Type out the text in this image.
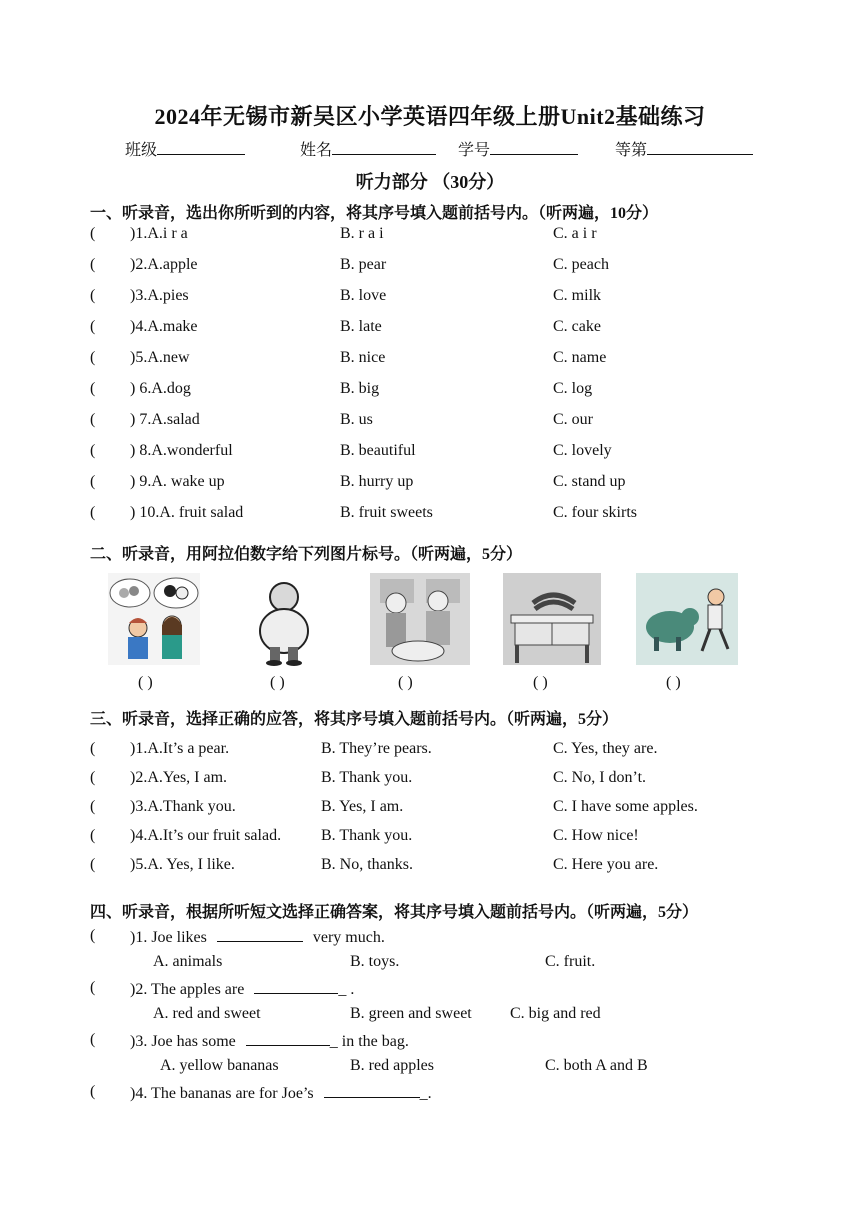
2024年无锡市新吴区小学英语四年级上册Unit2基础练习
班级	姓名	学号	等第
听力部分 （30分）
一、听录音，选出你所听到的内容，将其序号填入题前括号内。（听两遍，10分）
( )1.A.i r a	B. r a i	C. a i r
( )2.A.apple	B. pear	C. peach
( )3.A.pies	B. love	C. milk
( )4.A.make	B. late	C. cake
( )5.A.new	B. nice	C. name
( ) 6.A.dog	B. big	C. log
( ) 7.A.salad	B. us	C. our
( ) 8.A.wonderful	B. beautiful	C. lovely
( ) 9.A. wake up	B. hurry up	C. stand up
( ) 10.A. fruit salad	B. fruit sweets	C. four skirts
二、听录音，用阿拉伯数字给下列图片标号。（听两遍，5分）
( )	( )	( )	( )	( )
三、听录音，选择正确的应答，将其序号填入题前括号内。（听两遍，5分）
( )1.A.It’s a pear.	B. They’re pears.	C. Yes, they are.
( )2.A.Yes, I am.	B. Thank you.	C. No, I don’t.
( )3.A.Thank you.	B. Yes, I am.	C. I have some apples.
( )4.A.It’s our fruit salad. B. Thank you.	C. How nice!
( )5.A. Yes, I like.	B. No, thanks.	C. Here you are.
四、听录音，根据所听短文选择正确答案，将其序号填入题前括号内。（听两遍，5分）
( )1. Joe likes	very much.
A. animals	B. toys.	C. fruit.
( )2. The apples are	_ .
A. red and sweet	B. green and sweet C. big and red
( )3. Joe has some	_ in the bag.
A. yellow bananas	B. red apples	C. both A and B
( )4. The bananas are for Joe’s	_.
